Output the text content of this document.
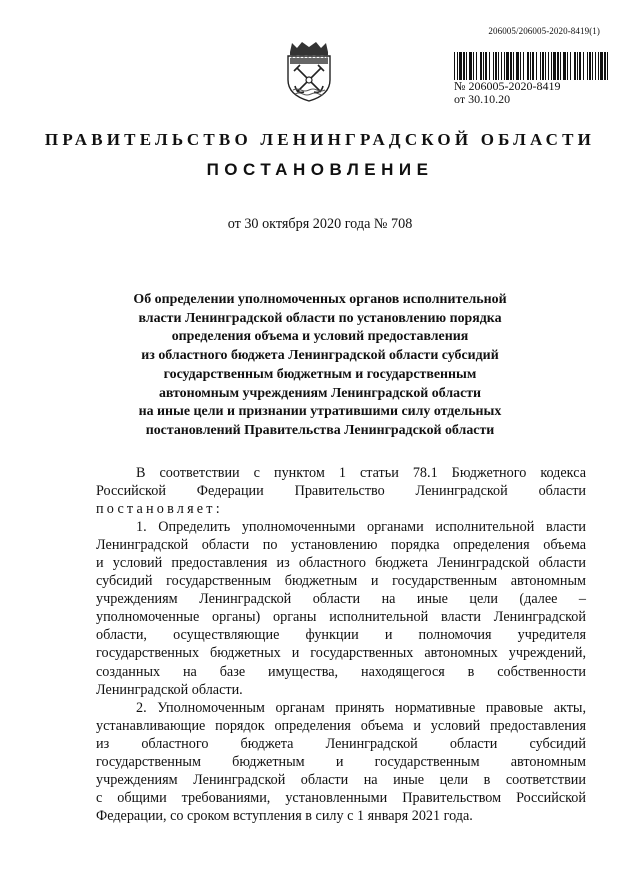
206005/206005-2020-8419(1)
№ 206005-2020-8419
от 30.10.20
ПРАВИТЕЛЬСТВО ЛЕНИНГРАДСКОЙ ОБЛАСТИ
ПОСТАНОВЛЕНИЕ
от 30 октября 2020 года № 708
Об определении уполномоченных органов исполнительной
власти Ленинградской области по установлению порядка
определения объема и условий предоставления
из областного бюджета Ленинградской области субсидий
государственным бюджетным и государственным
автономным учреждениям Ленинградской области
на иные цели и признании утратившими силу отдельных
постановлений Правительства Ленинградской области
В соответствии с пунктом 1 статьи 78.1 Бюджетного кодекса
Российской Федерации Правительство Ленинградской области
постановляет:
1. Определить уполномоченными органами исполнительной власти
Ленинградской области по установлению порядка определения объема
и условий предоставления из областного бюджета Ленинградской области
субсидий государственным бюджетным и государственным автономным
учреждениям Ленинградской области на иные цели (далее –
уполномоченные органы) органы исполнительной власти Ленинградской
области, осуществляющие функции и полномочия учредителя
государственных бюджетных и государственных автономных учреждений,
созданных на базе имущества, находящегося в собственности
Ленинградской области.
2. Уполномоченным органам принять нормативные правовые акты,
устанавливающие порядок определения объема и условий предоставления
из областного бюджета Ленинградской области субсидий
государственным бюджетным и государственным автономным
учреждениям Ленинградской области на иные цели в соответствии
с общими требованиями, установленными Правительством Российской
Федерации, со сроком вступления в силу с 1 января 2021 года.
